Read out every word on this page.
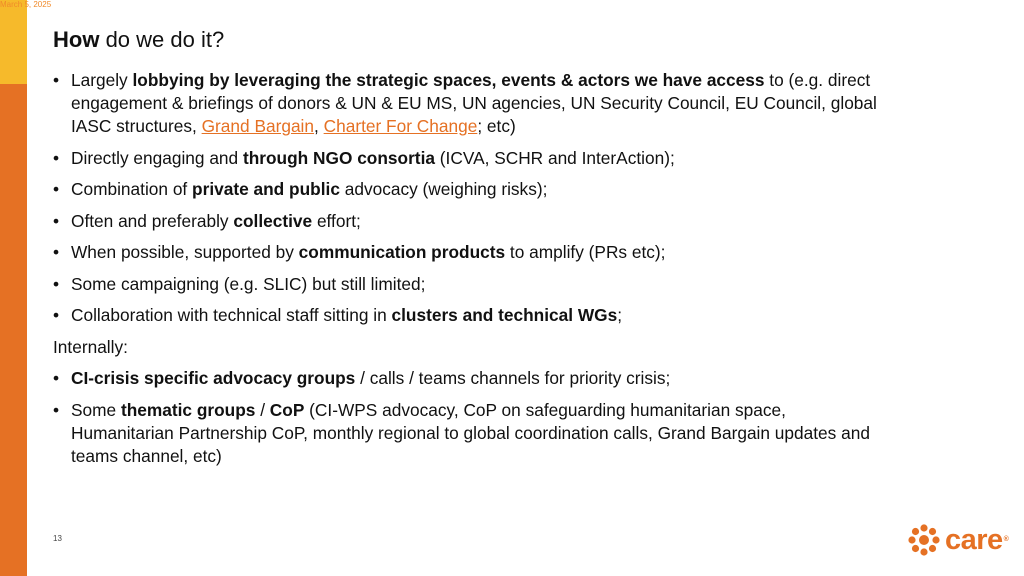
March 5, 2025
How do we do it?
• Largely lobbying by leveraging the strategic spaces, events & actors we have access to (e.g. direct engagement & briefings of donors & UN & EU MS, UN agencies, UN Security Council, EU Council, global IASC structures, Grand Bargain, Charter For Change; etc)
• Directly engaging and through NGO consortia (ICVA, SCHR and InterAction);
• Combination of private and public advocacy (weighing risks);
• Often and preferably collective effort;
• When possible, supported by communication products to amplify (PRs etc);
• Some campaigning (e.g. SLIC) but still limited;
• Collaboration with technical staff sitting in clusters and technical WGs;
Internally:
• CI-crisis specific advocacy groups / calls / teams channels for priority crisis;
• Some thematic groups / CoP (CI-WPS advocacy, CoP on safeguarding humanitarian space, Humanitarian Partnership CoP, monthly regional to global coordination calls, Grand Bargain updates and teams channel, etc)
13	care®
